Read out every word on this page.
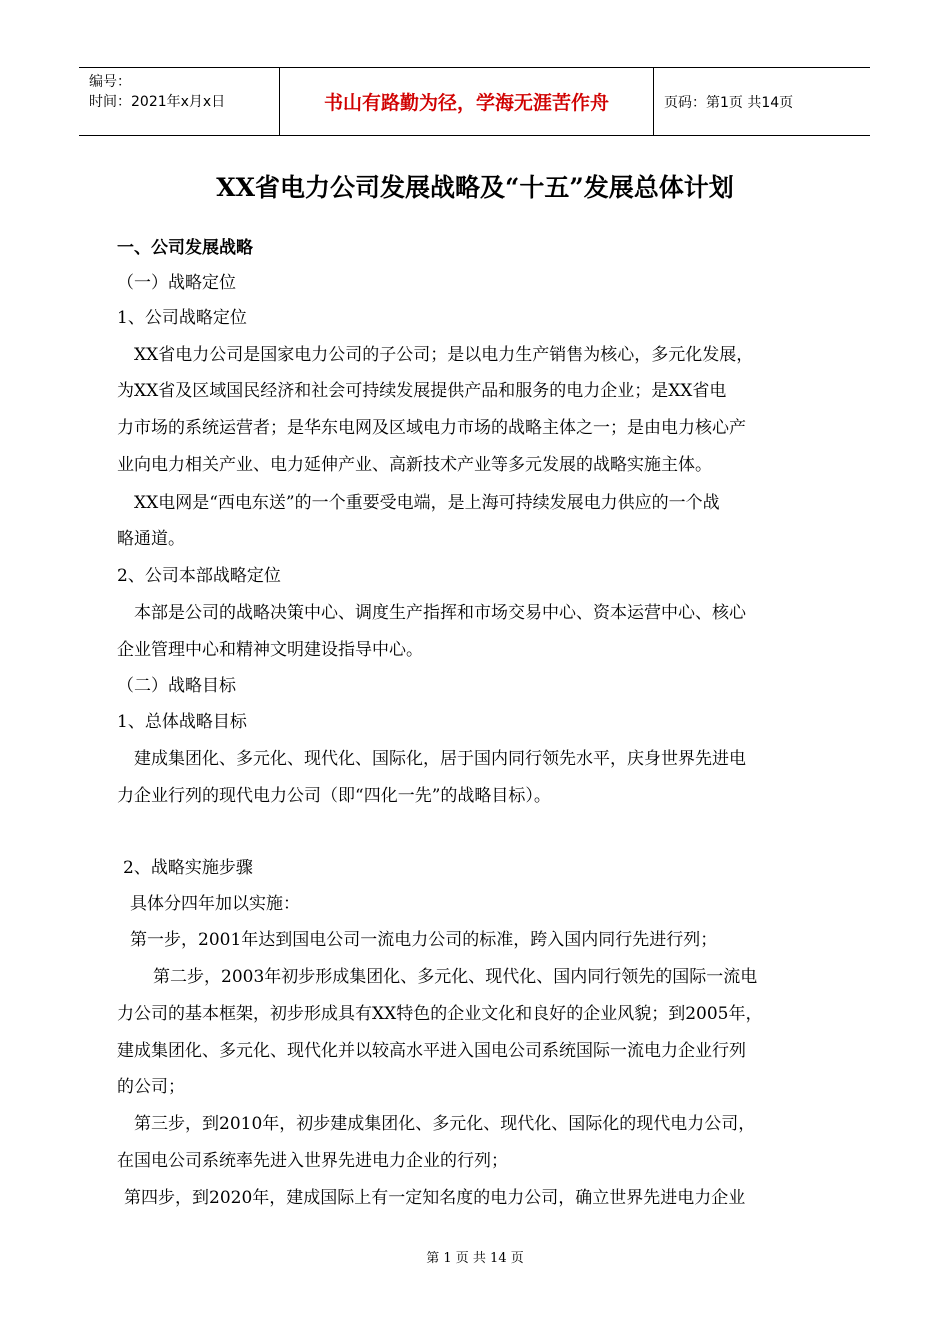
编号：
时间：2021年x月x日	书山有路勤为径，学海无涯苦作舟	页码：第1页 共14页
XX省电力公司发展战略及“十五”发展总体计划
一、公司发展战略
（一）战略定位
1、公司战略定位
XX省电力公司是国家电力公司的子公司；是以电力生产销售为核心，多元化发展，
为XX省及区域国民经济和社会可持续发展提供产品和服务的电力企业；是XX省电
力市场的系统运营者；是华东电网及区域电力市场的战略主体之一；是由电力核心产
业向电力相关产业、电力延伸产业、高新技术产业等多元发展的战略实施主体。
XX电网是“西电东送”的一个重要受电端，是上海可持续发展电力供应的一个战
略通道。
2、公司本部战略定位
本部是公司的战略决策中心、调度生产指挥和市场交易中心、资本运营中心、核心
企业管理中心和精神文明建设指导中心。
（二）战略目标
1、总体战略目标
建成集团化、多元化、现代化、国际化，居于国内同行领先水平，庆身世界先进电
力企业行列的现代电力公司（即“四化一先”的战略目标）。
2、战略实施步骤
具体分四年加以实施：
第一步，2001年达到国电公司一流电力公司的标准，跨入国内同行先进行列；
第二步，2003年初步形成集团化、多元化、现代化、国内同行领先的国际一流电
力公司的基本框架，初步形成具有XX特色的企业文化和良好的企业风貌；到2005年，
建成集团化、多元化、现代化并以较高水平进入国电公司系统国际一流电力企业行列
的公司；
第三步，到2010年，初步建成集团化、多元化、现代化、国际化的现代电力公司，
在国电公司系统率先进入世界先进电力企业的行列；
第四步，到2020年，建成国际上有一定知名度的电力公司，确立世界先进电力企业
第 1 页 共 14 页
